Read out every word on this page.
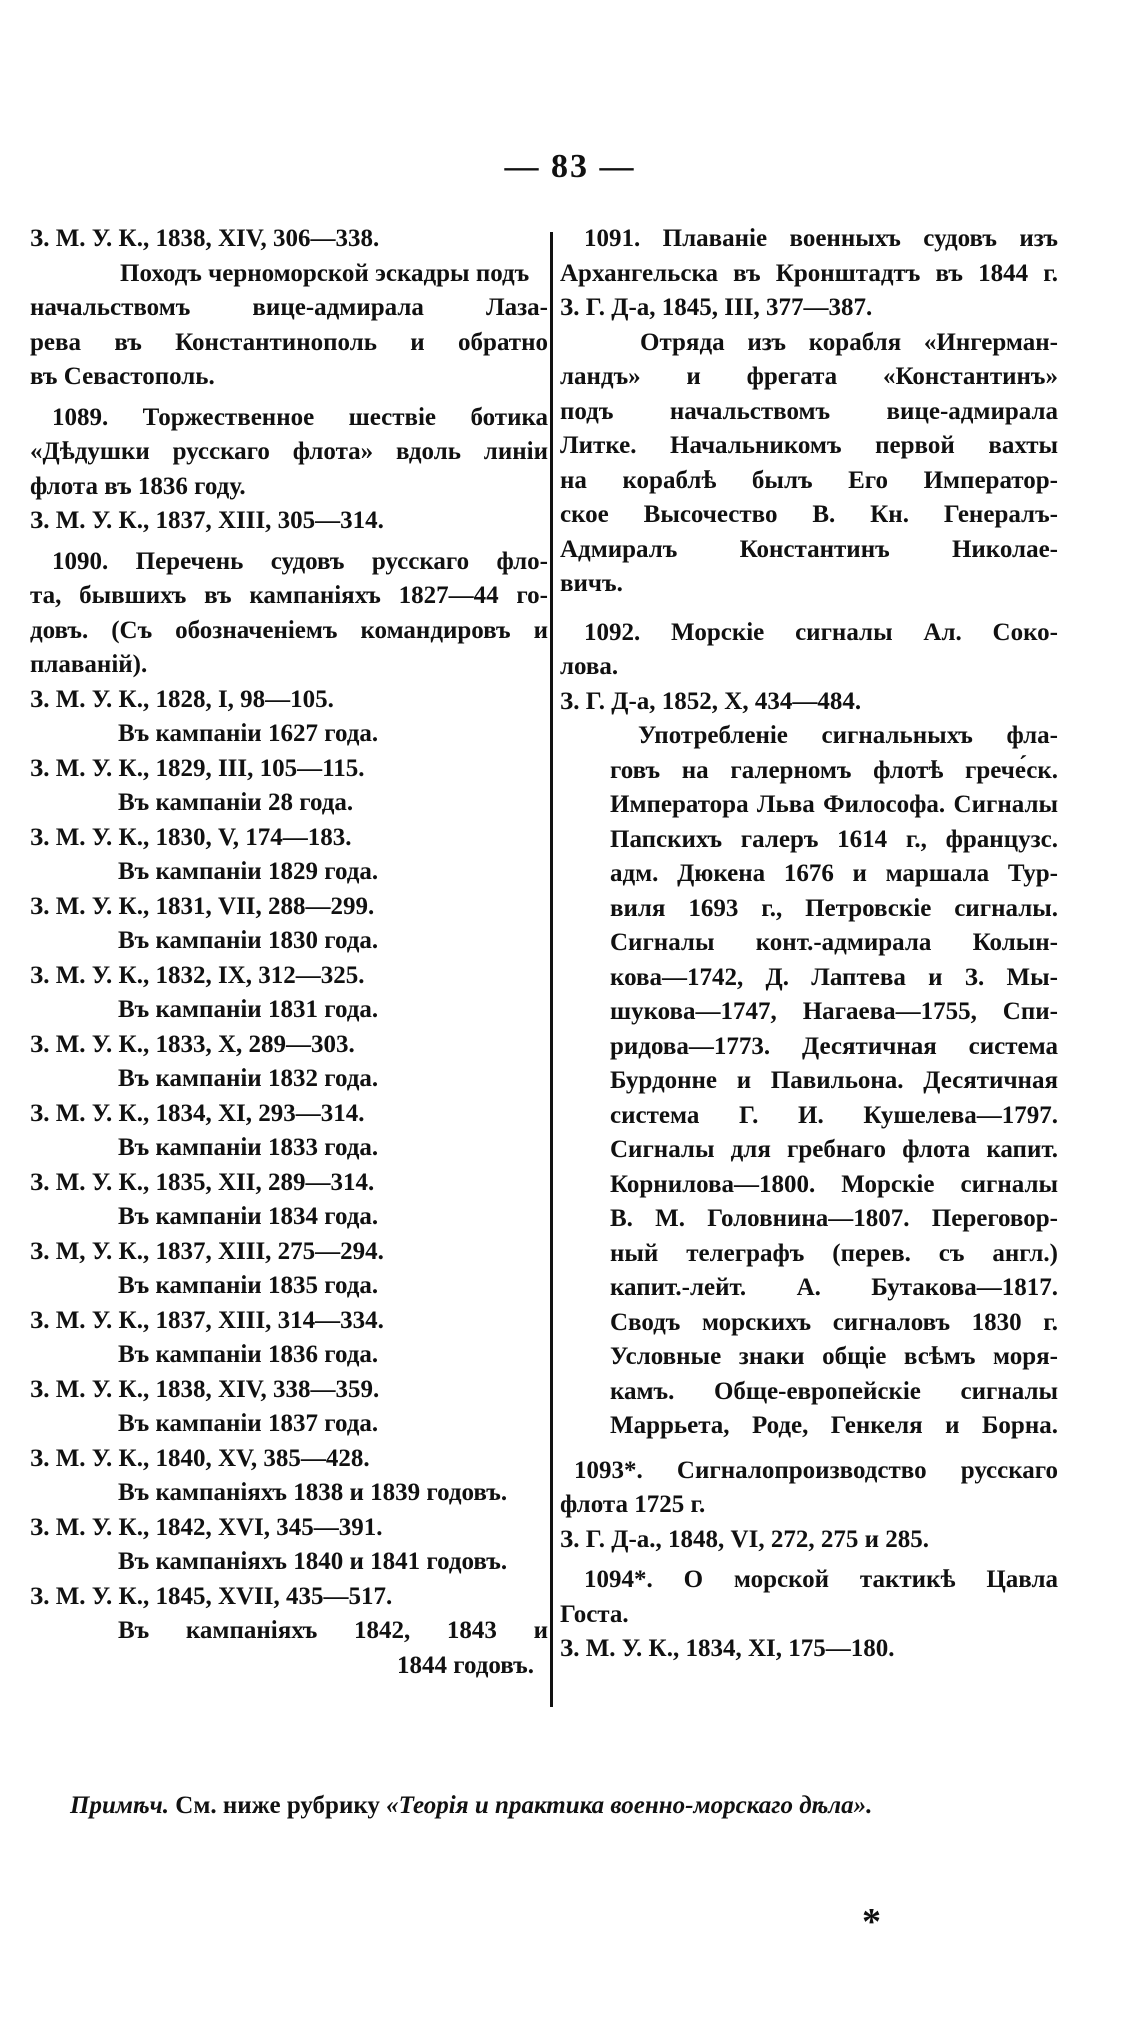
— 83 —
З. М. У. К., 1838, XIV, 306—338.
Походъ черноморской эскадры подъ
начальствомъ вице-адмирала Лаза-
рева въ Константинополь и обратно
въ Севастополь.
1089. Торжественное шествіе ботика
«Дѣдушки русскаго флота» вдоль линіи
флота въ 1836 году.
З. М. У. К., 1837, XIII, 305—314.
1090. Перечень судовъ русскаго фло-
та, бывшихъ въ кампаніяхъ 1827—44 го-
довъ. (Съ обозначеніемъ командировъ и
плаваній).
З. М. У. К., 1828, I, 98—105.
Въ кампаніи 1627 года.
З. М. У. К., 1829, III, 105—115.
Въ кампаніи 28 года.
З. М. У. К., 1830, V, 174—183.
Въ кампаніи 1829 года.
З. М. У. К., 1831, VII, 288—299.
Въ кампаніи 1830 года.
З. М. У. К., 1832, IX, 312—325.
Въ кампаніи 1831 года.
З. М. У. К., 1833, X, 289—303.
Въ кампаніи 1832 года.
З. М. У. К., 1834, XI, 293—314.
Въ кампаніи 1833 года.
З. М. У. К., 1835, XII, 289—314.
Въ кампаніи 1834 года.
З. М, У. К., 1837, XIII, 275—294.
Въ кампаніи 1835 года.
З. М. У. К., 1837, XIII, 314—334.
Въ кампаніи 1836 года.
З. М. У. К., 1838, XIV, 338—359.
Въ кампаніи 1837 года.
З. М. У. К., 1840, XV, 385—428.
Въ кампаніяхъ 1838 и 1839 годовъ.
З. М. У. К., 1842, XVI, 345—391.
Въ кампаніяхъ 1840 и 1841 годовъ.
З. М. У. К., 1845, XVII, 435—517.
Въ кампаніяхъ 1842, 1843 и
1844 годовъ.
1091. Плаваніе военныхъ судовъ изъ
Архангельска въ Кронштадтъ въ 1844 г.
З. Г. Д-а, 1845, III, 377—387.
Отряда изъ корабля «Ингерман-
ландъ» и фрегата «Константинъ»
подъ начальствомъ вице-адмирала
Литке. Начальникомъ первой вахты
на кораблѣ былъ Его Император-
ское Высочество В. Кн. Генералъ-
Адмиралъ Константинъ Николае-
вичъ.
1092. Морскіе сигналы Ал. Соко-
лова.
З. Г. Д-а, 1852, X, 434—484.
Употребленіе сигнальныхъ фла-
говъ на галерномъ флотѣ грече́ск.
Императора Льва Философа. Сигналы
Папскихъ галеръ 1614 г., французс.
адм. Дюкена 1676 и маршала Тур-
виля 1693 г., Петровскіе сигналы.
Сигналы конт.-адмирала Колын-
кова—1742, Д. Лаптева и З. Мы-
шукова—1747, Нагаева—1755, Спи-
ридова—1773. Десятичная система
Бурдонне и Павильона. Десятичная
система Г. И. Кушелева—1797.
Сигналы для гребнаго флота капит.
Корнилова—1800. Морскіе сигналы
В. М. Головнина—1807. Переговор-
ный телеграфъ (перев. съ англ.)
капит.-лейт. А. Бутакова—1817.
Сводъ морскихъ сигналовъ 1830 г.
Условные знаки общіе всѣмъ моря-
камъ. Обще-европейскіе сигналы
Маррьета, Роде, Генкеля и Борна.
1093*. Сигналопроизводство русскаго
флота 1725 г.
З. Г. Д-а., 1848, VI, 272, 275 и 285.
1094*. О морской тактикѣ Цавла
Госта.
З. М. У. К., 1834, XI, 175—180.
Примѣч. См. ниже рубрику «Теорія и практика военно-морскаго дѣла».
*
